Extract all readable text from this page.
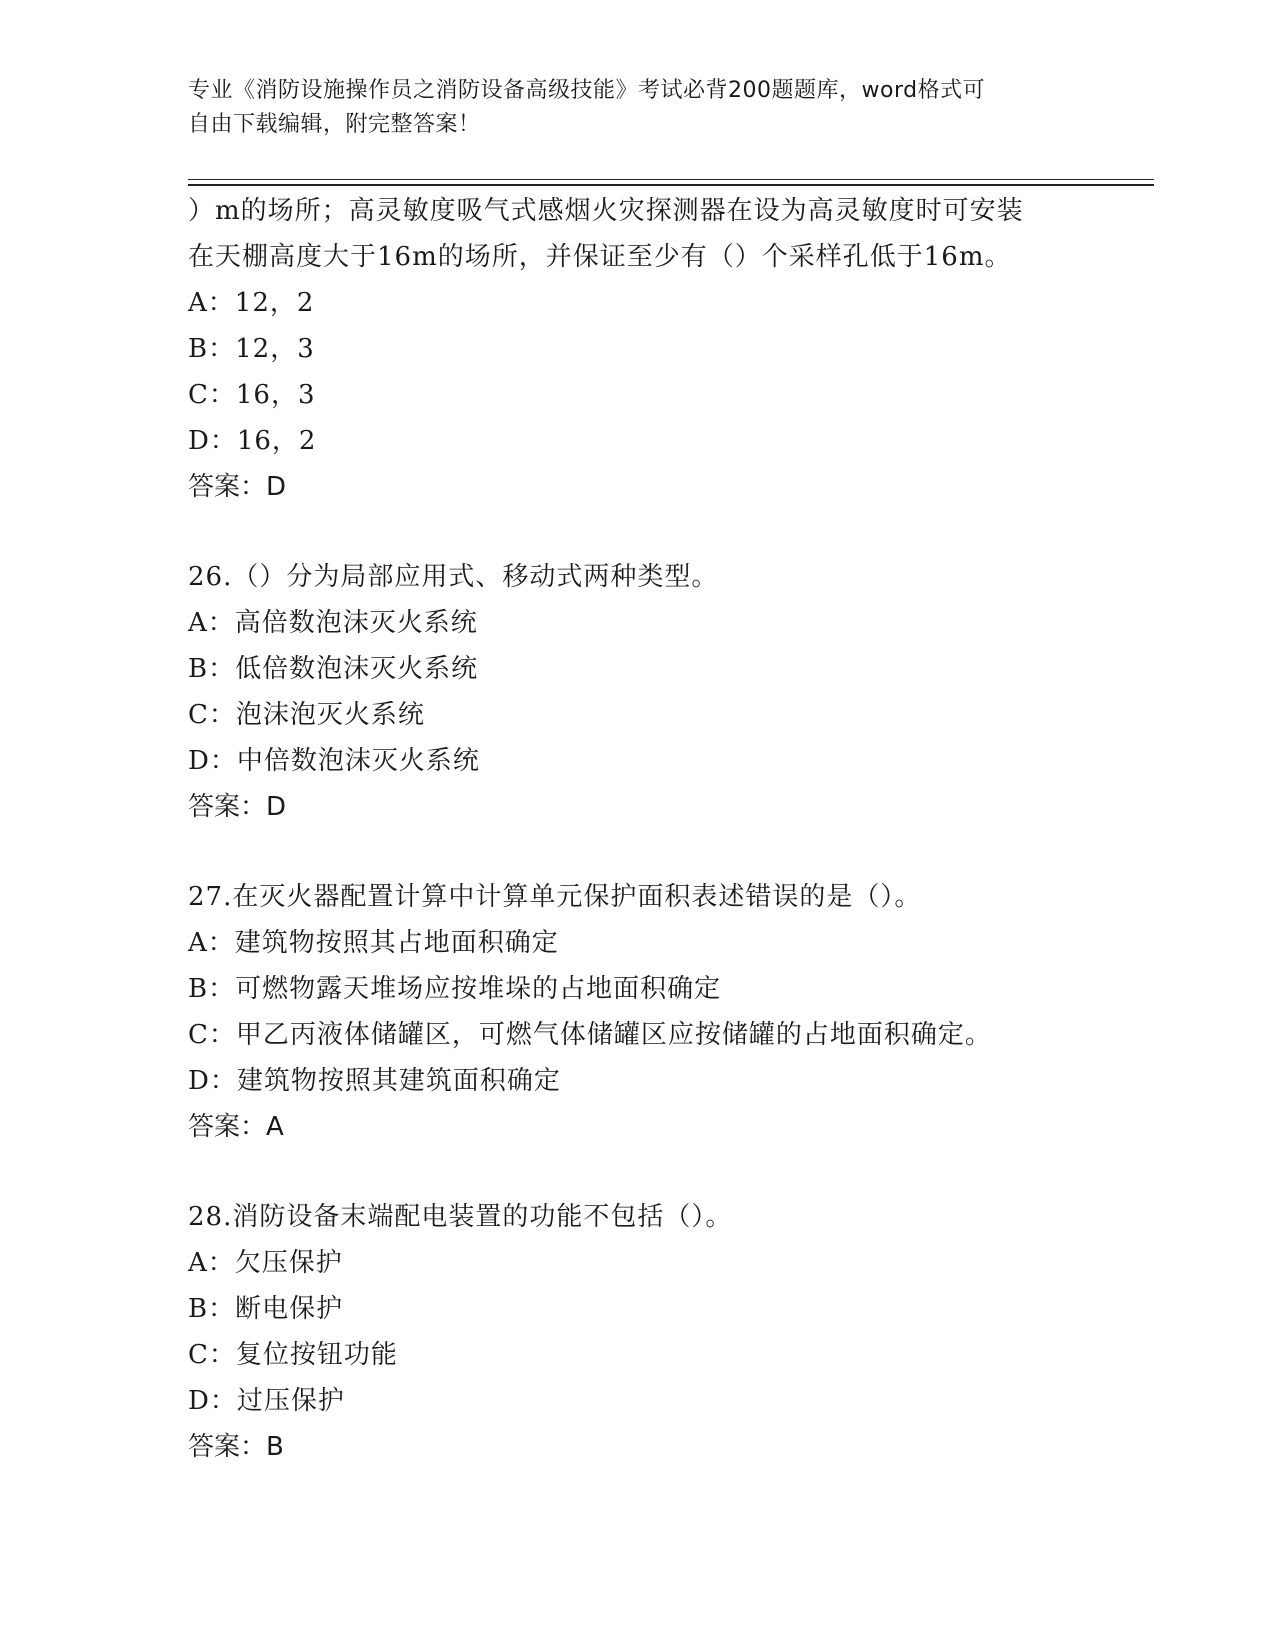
专业《消防设施操作员之消防设备高级技能》考试必背200题题库，word格式可
自由下载编辑，附完整答案！
）m的场所；高灵敏度吸气式感烟火灾探测器在设为高灵敏度时可安装
在天棚高度大于16m的场所，并保证至少有（）个采样孔低于16m。
A：12，2
B：12，3
C：16，3
D：16，2
答案：D
26.（）分为局部应用式、移动式两种类型。
A：高倍数泡沫灭火系统
B：低倍数泡沫灭火系统
C：泡沫泡灭火系统
D：中倍数泡沫灭火系统
答案：D
27.在灭火器配置计算中计算单元保护面积表述错误的是（）。
A：建筑物按照其占地面积确定
B：可燃物露天堆场应按堆垛的占地面积确定
C：甲乙丙液体储罐区，可燃气体储罐区应按储罐的占地面积确定。
D：建筑物按照其建筑面积确定
答案：A
28.消防设备末端配电装置的功能不包括（）。
A：欠压保护
B：断电保护
C：复位按钮功能
D：过压保护
答案：B
